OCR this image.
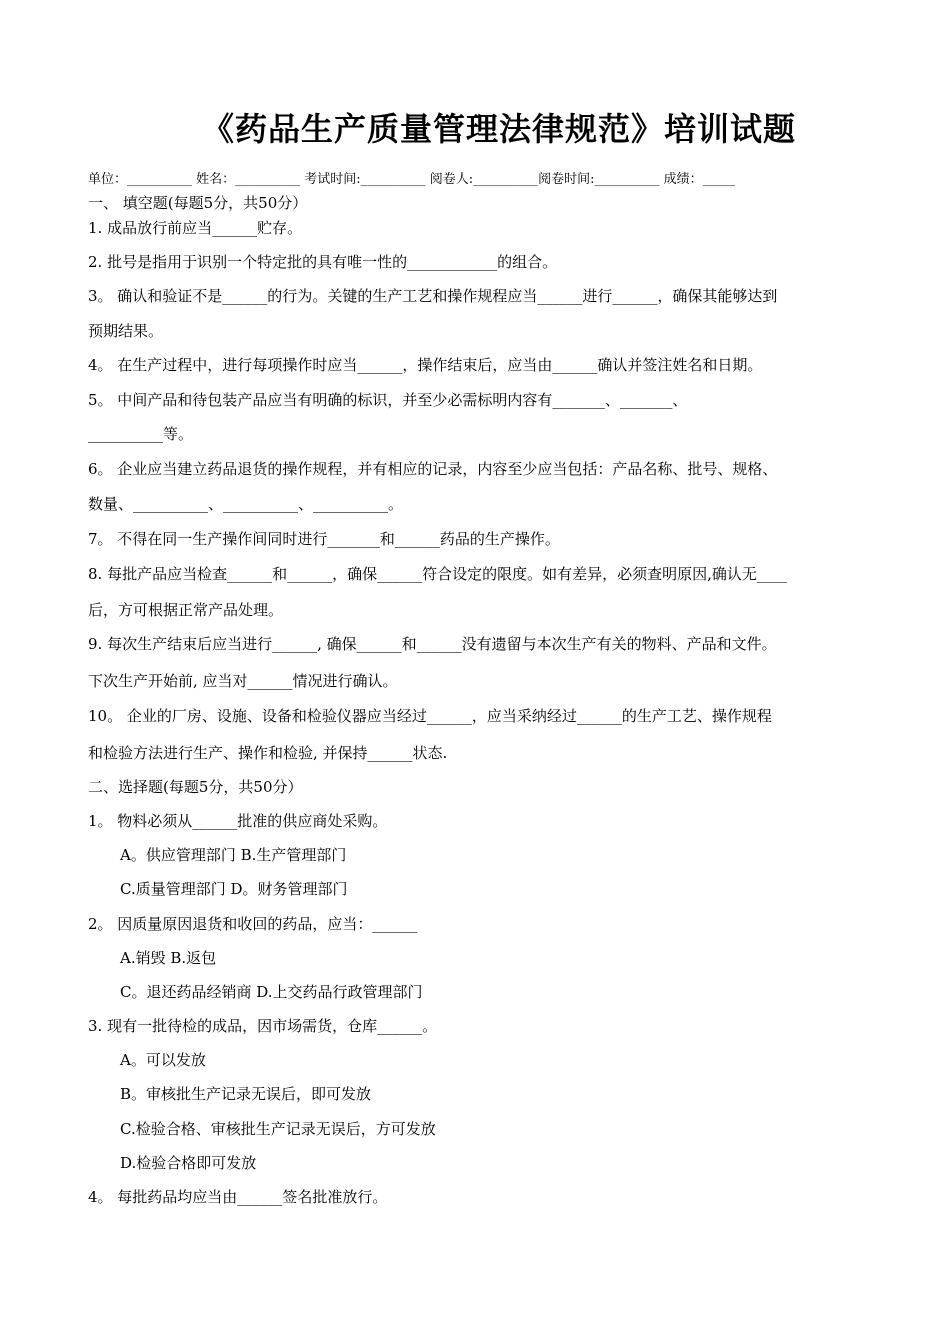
《药品生产质量管理法律规范》培训试题
单位：__________ 姓名：__________ 考试时间:__________ 阅卷人:__________阅卷时间:__________ 成绩：_____
一、 填空题(每题5分，共50分）
1. 成品放行前应当______贮存。
2. 批号是指用于识别一个特定批的具有唯一性的____________的组合。
3。 确认和验证不是______的行为。关键的生产工艺和操作规程应当______进行______，确保其能够达到
预期结果。
4。 在生产过程中，进行每项操作时应当______，操作结束后，应当由______确认并签注姓名和日期。
5。 中间产品和待包装产品应当有明确的标识，并至少必需标明内容有_______、_______、
__________等。
6。 企业应当建立药品退货的操作规程，并有相应的记录，内容至少应当包括：产品名称、批号、规格、
数量、__________、__________、__________。
7。 不得在同一生产操作间同时进行_______和______药品的生产操作。
8. 每批产品应当检查______和______，确保______符合设定的限度。如有差异，必须查明原因,确认无____
后，方可根据正常产品处理。
9. 每次生产结束后应当进行______, 确保______和______没有遗留与本次生产有关的物料、产品和文件。
下次生产开始前, 应当对______情况进行确认。
10。 企业的厂房、设施、设备和检验仪器应当经过______，应当采纳经过______的生产工艺、操作规程
和检验方法进行生产、操作和检验, 并保持______状态.
二、选择题(每题5分，共50分）
1。 物料必须从______批准的供应商处采购。
A。供应管理部门 B.生产管理部门
C.质量管理部门 D。财务管理部门
2。 因质量原因退货和收回的药品，应当：______
A.销毁 B.返包
C。退还药品经销商 D.上交药品行政管理部门
3. 现有一批待检的成品，因市场需货，仓库______。
A。可以发放
B。审核批生产记录无误后，即可发放
C.检验合格、审核批生产记录无误后，方可发放
D.检验合格即可发放
4。 每批药品均应当由______签名批准放行。
